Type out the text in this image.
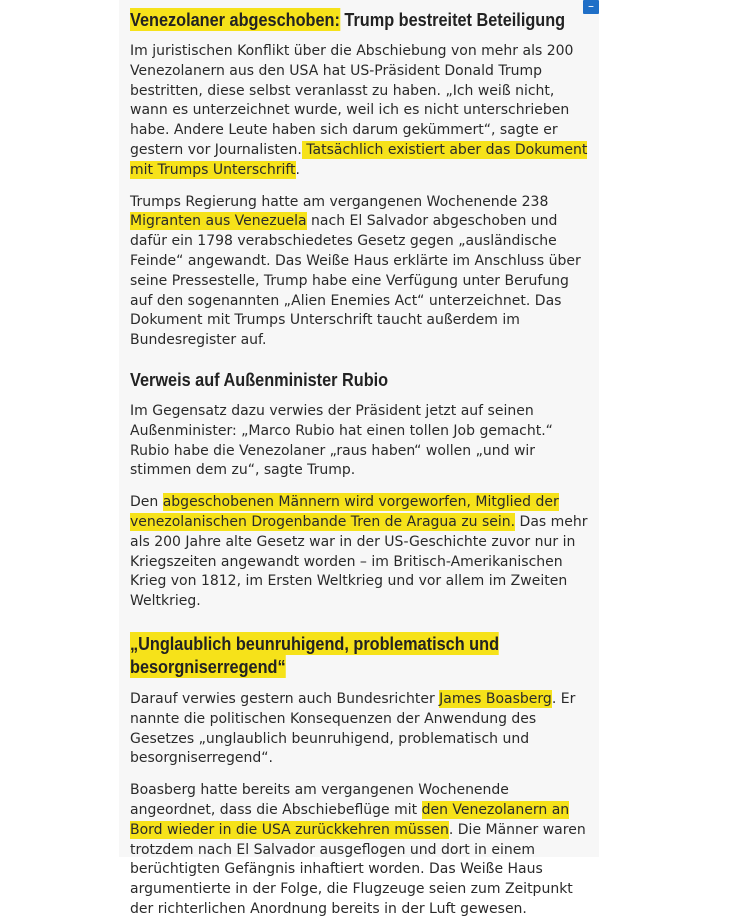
–
Venezolaner abgeschoben: Trump bestreitet Beteiligung

Im juristischen Konflikt über die Abschiebung von mehr als 200 Venezolanern aus den USA hat US-Präsident Donald Trump bestritten, diese selbst veranlasst zu haben. „Ich weiß nicht, wann es unterzeichnet wurde, weil ich es nicht unterschrieben habe. Andere Leute haben sich darum gekümmert“, sagte er gestern vor Journalisten. Tatsächlich existiert aber das Dokument mit Trumps Unterschrift.

Trumps Regierung hatte am vergangenen Wochenende 238 Migranten aus Venezuela nach El Salvador abgeschoben und dafür ein 1798 verabschiedetes Gesetz gegen „ausländische Feinde“ angewandt. Das Weiße Haus erklärte im Anschluss über seine Pressestelle, Trump habe eine Verfügung unter Berufung auf den sogenannten „Alien Enemies Act“ unterzeichnet. Das Dokument mit Trumps Unterschrift taucht außerdem im Bundesregister auf.

Verweis auf Außenminister Rubio

Im Gegensatz dazu verwies der Präsident jetzt auf seinen Außenminister: „Marco Rubio hat einen tollen Job gemacht.“ Rubio habe die Venezolaner „raus haben“ wollen „und wir stimmen dem zu“, sagte Trump.

Den abgeschobenen Männern wird vorgeworfen, Mitglied der venezolanischen Drogenbande Tren de Aragua zu sein. Das mehr als 200 Jahre alte Gesetz war in der US-Geschichte zuvor nur in Kriegszeiten angewandt worden – im Britisch-Amerikanischen Krieg von 1812, im Ersten Weltkrieg und vor allem im Zweiten Weltkrieg.

„Unglaublich beunruhigend, problematisch und besorgniserregend“

Darauf verwies gestern auch Bundesrichter James Boasberg. Er nannte die politischen Konsequenzen der Anwendung des Gesetzes „unglaublich beunruhigend, problematisch und besorgniserregend“.

Boasberg hatte bereits am vergangenen Wochenende angeordnet, dass die Abschiebeflüge mit den Venezolanern an Bord wieder in die USA zurückkehren müssen. Die Männer waren trotzdem nach El Salvador ausgeflogen und dort in einem berüchtigten Gefängnis inhaftiert worden. Das Weiße Haus argumentierte in der Folge, die Flugzeuge seien zum Zeitpunkt der richterlichen Anordnung bereits in der Luft gewesen.
